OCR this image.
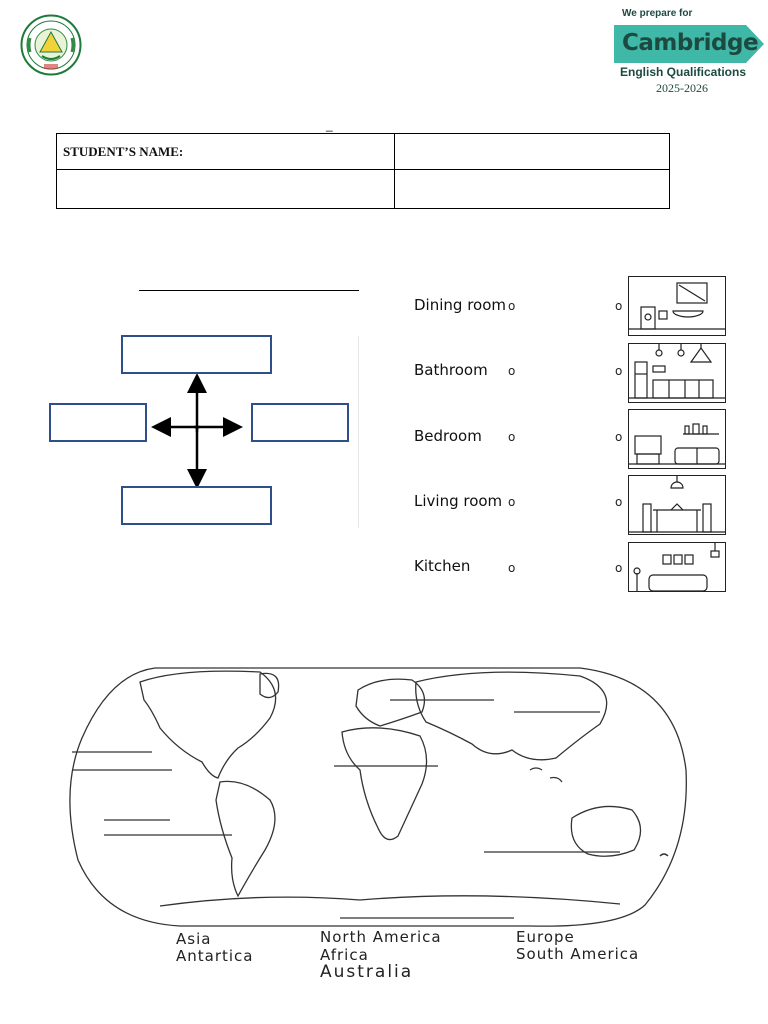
We prepare for
Cambridge
English Qualifications
2025-2026
_
STUDENT’S NAME:	

Dining room o	o
Bathroom o	o
Bedroom o	o
Living room o	o
Kitchen	o	o
Asia
Antartica
North America
Africa
Australia
Europe
South America
